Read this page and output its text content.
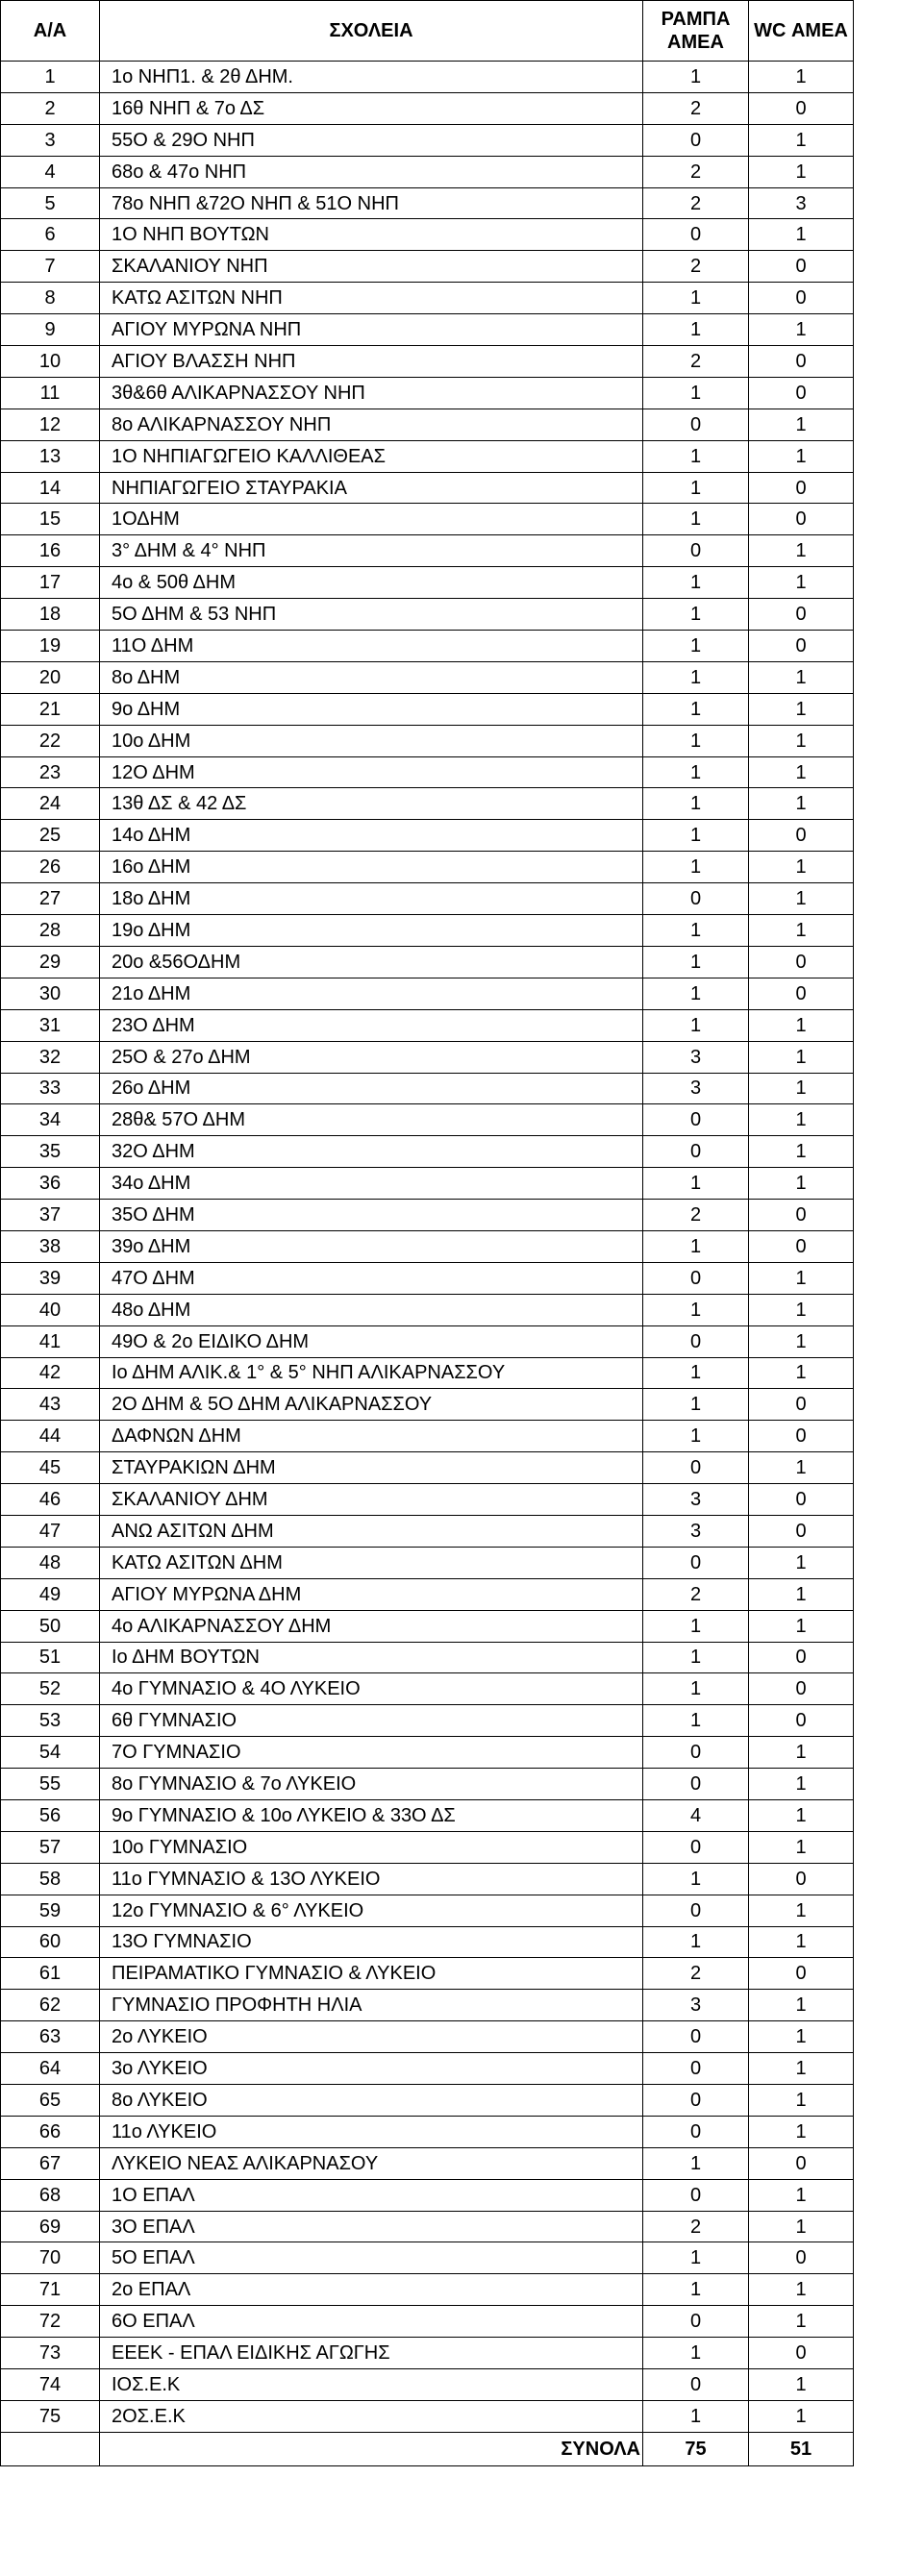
Α/Α	ΣΧΟΛΕΙΑ	ΡΑΜΠΑ ΑΜΕΑ	WC ΑΜΕΑ
1	1ο ΝΗΠ1. & 2θ ΔΗΜ.	1	1
2	16θ ΝΗΠ & 7ο ΔΣ	2	0
3	55Ο & 29Ο ΝΗΠ	0	1
4	68ο & 47ο ΝΗΠ	2	1
5	78ο ΝΗΠ &72Ο ΝΗΠ & 51Ο ΝΗΠ	2	3
6	1Ο ΝΗΠ ΒΟΥΤΩΝ	0	1
7	ΣΚΑΛΑΝΙΟΥ ΝΗΠ	2	0
8	ΚΑΤΩ ΑΣΙΤΩΝ ΝΗΠ	1	0
9	ΑΓΙΟΥ ΜΥΡΩΝΑ ΝΗΠ	1	1
10	ΑΓΙΟΥ ΒΛΑΣΣΗ ΝΗΠ	2	0
11	3θ&6θ ΑΛΙΚΑΡΝΑΣΣΟΥ ΝΗΠ	1	0
12	8ο ΑΛΙΚΑΡΝΑΣΣΟΥ ΝΗΠ	0	1
13	1Ο ΝΗΠΙΑΓΩΓΕΙΟ ΚΑΛΛΙΘΕΑΣ	1	1
14	ΝΗΠΙΑΓΩΓΕΙΟ ΣΤΑΥΡΑΚΙΑ	1	0
15	1ΟΔΗΜ	1	0
16	3° ΔΗΜ & 4° ΝΗΠ	0	1
17	4ο & 50θ ΔΗΜ	1	1
18	5Ο ΔΗΜ & 53 ΝΗΠ	1	0
19	11Ο ΔΗΜ	1	0
20	8ο ΔΗΜ	1	1
21	9ο ΔΗΜ	1	1
22	10ο ΔΗΜ	1	1
23	12Ο ΔΗΜ	1	1
24	13θ ΔΣ & 42 ΔΣ	1	1
25	14ο ΔΗΜ	1	0
26	16ο ΔΗΜ	1	1
27	18ο ΔΗΜ	0	1
28	19ο ΔΗΜ	1	1
29	20ο &56ΟΔΗΜ	1	0
30	21ο ΔΗΜ	1	0
31	23Ο ΔΗΜ	1	1
32	25Ο & 27ο ΔΗΜ	3	1
33	26ο ΔΗΜ	3	1
34	28θ& 57Ο ΔΗΜ	0	1
35	32Ο ΔΗΜ	0	1
36	34ο ΔΗΜ	1	1
37	35Ο ΔΗΜ	2	0
38	39ο ΔΗΜ	1	0
39	47Ο ΔΗΜ	0	1
40	48ο ΔΗΜ	1	1
41	49Ο & 2ο ΕΙΔΙΚΟ ΔΗΜ	0	1
42	Ιο ΔΗΜ ΑΛΙΚ.& 1° & 5° ΝΗΠ ΑΛΙΚΑΡΝΑΣΣΟΥ	1	1
43	2Ο ΔΗΜ & 5Ο ΔΗΜ ΑΛΙΚΑΡΝΑΣΣΟΥ	1	0
44	ΔΑΦΝΩΝ ΔΗΜ	1	0
45	ΣΤΑΥΡΑΚΙΩΝ ΔΗΜ	0	1
46	ΣΚΑΛΑΝΙΟΥ ΔΗΜ	3	0
47	ΑΝΩ ΑΣΙΤΩΝ ΔΗΜ	3	0
48	ΚΑΤΩ ΑΣΙΤΩΝ ΔΗΜ	0	1
49	ΑΓΙΟΥ ΜΥΡΩΝΑ ΔΗΜ	2	1
50	4ο ΑΛΙΚΑΡΝΑΣΣΟΥ ΔΗΜ	1	1
51	Ιο ΔΗΜ ΒΟΥΤΩΝ	1	0
52	4ο ΓΥΜΝΑΣΙΟ & 4Ο ΛΥΚΕΙΟ	1	0
53	6θ ΓΥΜΝΑΣΙΟ	1	0
54	7Ο ΓΥΜΝΑΣΙΟ	0	1
55	8ο ΓΥΜΝΑΣΙΟ & 7ο ΛΥΚΕΙΟ	0	1
56	9ο ΓΥΜΝΑΣΙΟ & 10ο ΛΥΚΕΙΟ & 33Ο ΔΣ	4	1
57	10ο ΓΥΜΝΑΣΙΟ	0	1
58	11ο ΓΥΜΝΑΣΙΟ & 13Ο ΛΥΚΕΙΟ	1	0
59	12ο ΓΥΜΝΑΣΙΟ & 6° ΛΥΚΕΙΟ	0	1
60	13Ο ΓΥΜΝΑΣΙΟ	1	1
61	ΠΕΙΡΑΜΑΤΙΚΟ ΓΥΜΝΑΣΙΟ & ΛΥΚΕΙΟ	2	0
62	ΓΥΜΝΑΣΙΟ ΠΡΟΦΗΤΗ ΗΛΙΑ	3	1
63	2ο ΛΥΚΕΙΟ	0	1
64	3ο ΛΥΚΕΙΟ	0	1
65	8ο ΛΥΚΕΙΟ	0	1
66	11ο ΛΥΚΕΙΟ	0	1
67	ΛΥΚΕΙΟ ΝΕΑΣ ΑΛΙΚΑΡΝΑΣΟΥ	1	0
68	1Ο ΕΠΑΛ	0	1
69	3Ο ΕΠΑΛ	2	1
70	5Ο ΕΠΑΛ	1	0
71	2ο ΕΠΑΛ	1	1
72	6Ο ΕΠΑΛ	0	1
73	ΕΕΕΚ - ΕΠΑΛ ΕΙΔΙΚΗΣ ΑΓΩΓΗΣ	1	0
74	ΙΟΣ.Ε.Κ	0	1
75	2ΟΣ.Ε.Κ	1	1
	ΣΥΝΟΛΑ	75	51
